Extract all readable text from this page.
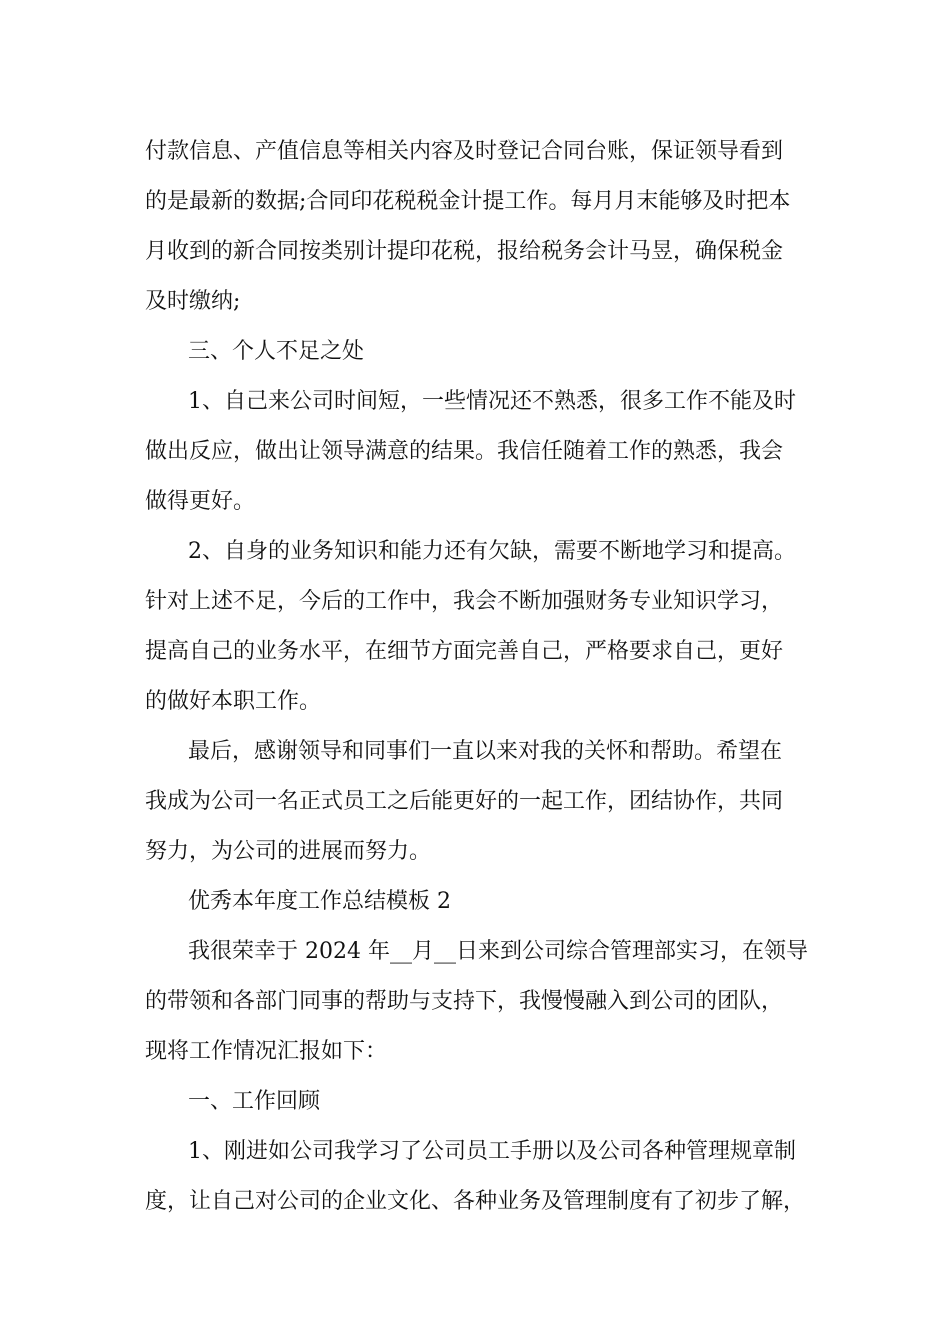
付款信息、产值信息等相关内容及时登记合同台账，保证领导看到
的是最新的数据;合同印花税税金计提工作。每月月末能够及时把本
月收到的新合同按类别计提印花税，报给税务会计马昱，确保税金
及时缴纳;
三、个人不足之处
1、自己来公司时间短，一些情况还不熟悉，很多工作不能及时
做出反应，做出让领导满意的结果。我信任随着工作的熟悉，我会
做得更好。
2、自身的业务知识和能力还有欠缺，需要不断地学习和提高。
针对上述不足，今后的工作中，我会不断加强财务专业知识学习，
提高自己的业务水平，在细节方面完善自己，严格要求自己，更好
的做好本职工作。
最后，感谢领导和同事们一直以来对我的关怀和帮助。希望在
我成为公司一名正式员工之后能更好的一起工作，团结协作，共同
努力，为公司的进展而努力。
优秀本年度工作总结模板 2
我很荣幸于 2024 年__月__日来到公司综合管理部实习，在领导
的带领和各部门同事的帮助与支持下，我慢慢融入到公司的团队，
现将工作情况汇报如下：
一、工作回顾
1、刚进如公司我学习了公司员工手册以及公司各种管理规章制
度，让自己对公司的企业文化、各种业务及管理制度有了初步了解，
